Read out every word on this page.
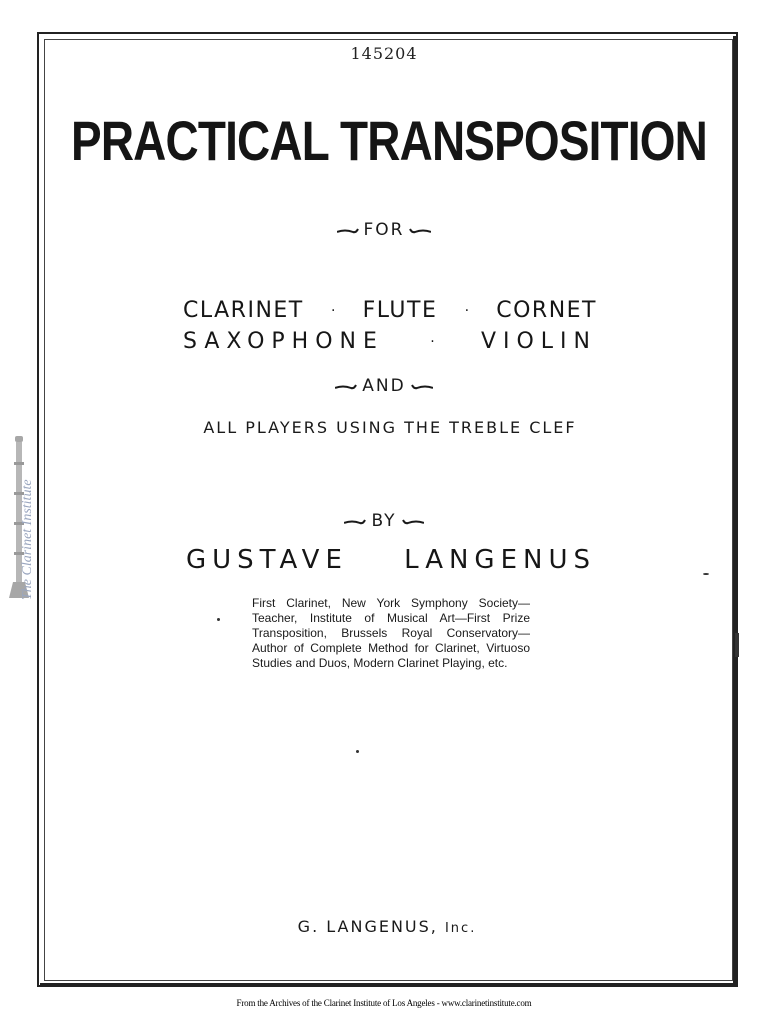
145204
PRACTICAL TRANSPOSITION
FOR
CLARINET · FLUTE · CORNET
SAXOPHONE	· VIOLIN
AND
ALL PLAYERS USING THE TREBLE CLEF
BY
GUSTAVE LANGENUS
First Clarinet, New York Symphony Society—
Teacher, Institute of Musical Art—First Prize
Transposition, Brussels Royal Conservatory—
Author of Complete Method for Clarinet, Virtuoso
Studies and Duos, Modern Clarinet Playing, etc.
G. LANGENUS, Inc.
The Clarinet Institute
From the Archives of the Clarinet Institute of Los Angeles - www.clarinetinstitute.com
